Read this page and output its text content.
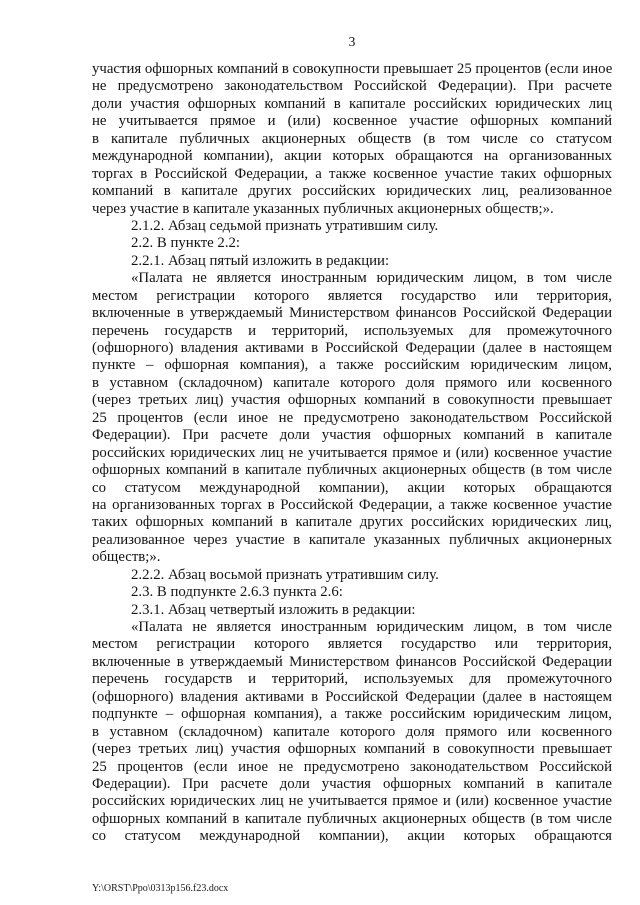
3
участия офшорных компаний в совокупности превышает 25 процентов (если иное
не предусмотрено законодательством Российской Федерации). При расчете
доли участия офшорных компаний в капитале российских юридических лиц
не учитывается прямое и (или) косвенное участие офшорных компаний
в капитале публичных акционерных обществ (в том числе со статусом
международной компании), акции которых обращаются на организованных
торгах в Российской Федерации, а также косвенное участие таких офшорных
компаний в капитале других российских юридических лиц, реализованное
через участие в капитале указанных публичных акционерных обществ;».
2.1.2. Абзац седьмой признать утратившим силу.
2.2. В пункте 2.2:
2.2.1. Абзац пятый изложить в редакции:
«Палата не является иностранным юридическим лицом, в том числе
местом регистрации которого является государство или территория,
включенные в утверждаемый Министерством финансов Российской Федерации
перечень государств и территорий, используемых для промежуточного
(офшорного) владения активами в Российской Федерации (далее в настоящем
пункте – офшорная компания), а также российским юридическим лицом,
в уставном (складочном) капитале которого доля прямого или косвенного
(через третьих лиц) участия офшорных компаний в совокупности превышает
25 процентов (если иное не предусмотрено законодательством Российской
Федерации). При расчете доли участия офшорных компаний в капитале
российских юридических лиц не учитывается прямое и (или) косвенное участие
офшорных компаний в капитале публичных акционерных обществ (в том числе
со статусом международной компании), акции которых обращаются
на организованных торгах в Российской Федерации, а также косвенное участие
таких офшорных компаний в капитале других российских юридических лиц,
реализованное через участие в капитале указанных публичных акционерных
обществ;».
2.2.2. Абзац восьмой признать утратившим силу.
2.3. В подпункте 2.6.3 пункта 2.6:
2.3.1. Абзац четвертый изложить в редакции:
«Палата не является иностранным юридическим лицом, в том числе
местом регистрации которого является государство или территория,
включенные в утверждаемый Министерством финансов Российской Федерации
перечень государств и территорий, используемых для промежуточного
(офшорного) владения активами в Российской Федерации (далее в настоящем
подпункте – офшорная компания), а также российским юридическим лицом,
в уставном (складочном) капитале которого доля прямого или косвенного
(через третьих лиц) участия офшорных компаний в совокупности превышает
25 процентов (если иное не предусмотрено законодательством Российской
Федерации). При расчете доли участия офшорных компаний в капитале
российских юридических лиц не учитывается прямое и (или) косвенное участие
офшорных компаний в капитале публичных акционерных обществ (в том числе
со статусом международной компании), акции которых обращаются
Y:\ORST\Ppo\0313p156.f23.docx
